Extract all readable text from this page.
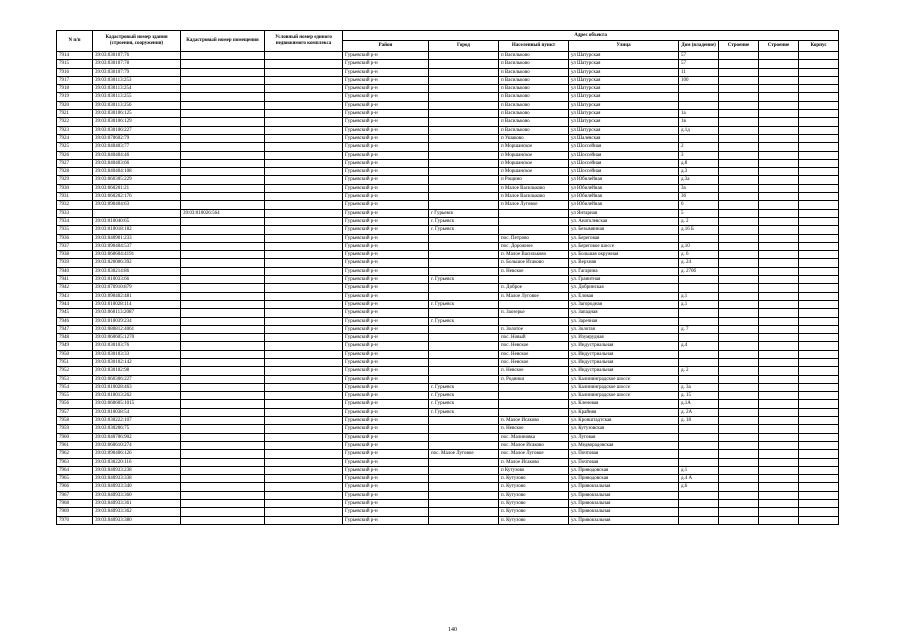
N п/п	Кадастровый номер здания (строения, сооружения)	Кадастровый номер помещения	Условный номер единого недвижимого комплекса	Адрес объекта							
				Район	Город	Населенный пункт	Улица	Дом (владение)	Строение	Строение	Корпус
7914	39:03:030107:76			Гурьевский р-н		п Васильково	ул Шатурская	57			
7915	39:03:030107:78			Гурьевский р-н		п Васильково	ул Шатурская	57			
7916	39:03:030107:79			Гурьевский р-н		п Васильково	ул Шатурская	11			
7917	39:03:030113:253			Гурьевский р-н		п Васильково	ул Шатурская	100			
7918	39:03:030113:254			Гурьевский р-н		п Васильково	ул Шатурская				
7919	39:03:030113:255			Гурьевский р-н		п Васильково	ул Шатурская				
7920	39:03:030113:256			Гурьевский р-н		п Васильково	ул Шатурская				
7921	39:03:030106:125			Гурьевский р-н		п Васильково	ул Шатурская	1а			
7922	39:03:030106:129			Гурьевский р-н		п Васильково	ул Шатурская	1в			
7923	39:03:030106:227			Гурьевский р-н		п Васильково	ул Шатурская	д.1д			
7924	39:03:070602:79			Гурьевский р-н		п Ушаково	ул Шалевская				
7925	39:03:040403:77			Гурьевский р-н		п Моршанское	ул Шоссейная	2			
7926	39:03:040404:46			Гурьевский р-н		п Моршанское	ул Шоссейная	3			
7927	39:03:040403:66			Гурьевский р-н		п Моршанское	ул Шоссейная	д.8			
7928	39:03:040404:108			Гурьевский р-н		п Моршанское	ул Шоссейная	д.3			
7929	39:03:060305:229			Гурьевский р-н		п Рощино	ул Юбилейная	д.3а			
7930	39:03:060201:21			Гурьевский р-н		п Малое Васильково	ул Юбилейная	3а			
7931	39:03:060202:176			Гурьевский р-н		п Малое Васильково	ул Юбилейная	36			
7932	39:03:090404:63			Гурьевский р-н		п Малое Луговое	ул Юбилейная	6			
7933		39:03:010026:564		Гурьевский р-н	г Гурьевск		ул Янтарная	5			
7934	39:03:010040:65			Гурьевский р-н	г. Гурьевск		ул. Анатолевская	д. 2			
7935	39:03:010018:182			Гурьевский р-н	г. Гурьевск		ул. Безымянная	д.16 Б			
7936	39:03:040901:233			Гурьевский р-н		пос. Петрово	ул. Береговая				
7937	39:03:090404:537			Гурьевский р-н		пос. Дорожное	ул. Береговое шоссе	д.10			
7938	39:03:060604:4191			Гурьевский р-н		п. Малое Васильково	ул. Большая окружная	д. 6			
7939	39:03:020006:392			Гурьевский р-н		п. Большое Исаково	ул. Верхняя	д. 24			
7940	39:03:030214:86			Гурьевский р-н		п. Невское	ул. Гагарина	д. 270б			
7941	39:03:010033:66			Гурьевский р-н	г. Гурьевск		ул. Гранитная				
7942	39:03:070910:879			Гурьевский р-н		п. Доброе	ул. Добринская				
7943	39:03:090402:481			Гурьевский р-н		п. Малое Луговое	ул. Еловая	д.1			
7944	39:03:010028:114			Гурьевский р-н	г. Гурьевск		ул. Загородная	д.1			
7945	39:03:060113:2087			Гурьевский р-н		п. Заозерье	ул. Западная				
7946	39:03:010039:234			Гурьевский р-н	г. Гурьевск		ул. Заречная				
7947	39:03:080812:4061			Гурьевский р-н		п. Золотое	ул. Золотая	д. 7			
7948	39:03:060605:1270			Гурьевский р-н		пос. Новый	ул. Изумрудная				
7949	39:03:030103:76			Гурьевский р-н		пос. Невское	ул. Индустриальная	д.4			
7950	39:03:030103:33			Гурьевский р-н		пос. Невское	ул. Индустриальная				
7951	39:03:030102:142			Гурьевский р-н		пос. Невское	ул. Индустриальная				
7952	39:03:030102:98			Гурьевский р-н		п. Невское	ул. Индустриальная	д. 2			
7953	39:03:060306:227			Гурьевский р-н		п. Родники	ул. Калининградское шоссе				
7954	39:03:010028:463			Гурьевский р-н	г. Гурьевск		ул. Калининградское шоссе	д. 3а			
7955	39:03:010013:262			Гурьевский р-н	г. Гурьевск		ул. Калининградское шоссе	д. 15			
7956	39:03:060605:1015			Гурьевский р-н	г. Гурьевск		ул. Кленовая	д.1А			
7957	39:03:010038:54			Гурьевский р-н	г. Гурьевск		ул. Крайняя	д. 2А			
7958	39:03:030222:107			Гурьевский р-н		п. Малое Исаково	ул. Кронштадтская	д. 18			
7959	39:03:030206:75			Гурьевский р-н		п. Невское	ул. Кутузовская				
7960	39:03:040706:902			Гурьевский р-н		пос. Малиновка	ул. Луговая				
7961	39:03:060610:274			Гурьевский р-н		пос. Малое Исаково	ул. Медворадовская				
7962	39:03:090406:126			Гурьевский р-н	пос. Малое Луговое	пос. Малое Луговое	ул. Почтовая				
7963	39:03:030220:116			Гурьевский р-н		п. Малое Исаково	ул. Почтовая				
7964	39:03:040933:238			Гурьевский р-н		п Кутузово	ул. Приводовская	д.1			
7965	39:03:040933:338			Гурьевский р-н		п. Кутузово	ул. Приводовская	д.4 А			
7966	39:03:040933:340			Гурьевский р-н		п. Кутузово	ул. Привокзальная	д.6			
7967	39:03:040933:360			Гурьевский р-н		п. Кутузово	ул. Привокзальная				
7968	39:03:040933:361			Гурьевский р-н		п. Кутузово	ул. Привокзальная				
7969	39:03:040933:362			Гурьевский р-н		п. Кутузово	ул. Привокзальная				
7970	39:03:040933:380			Гурьевский р-н		п. Кутузово	ул. Привокзальная				
140
